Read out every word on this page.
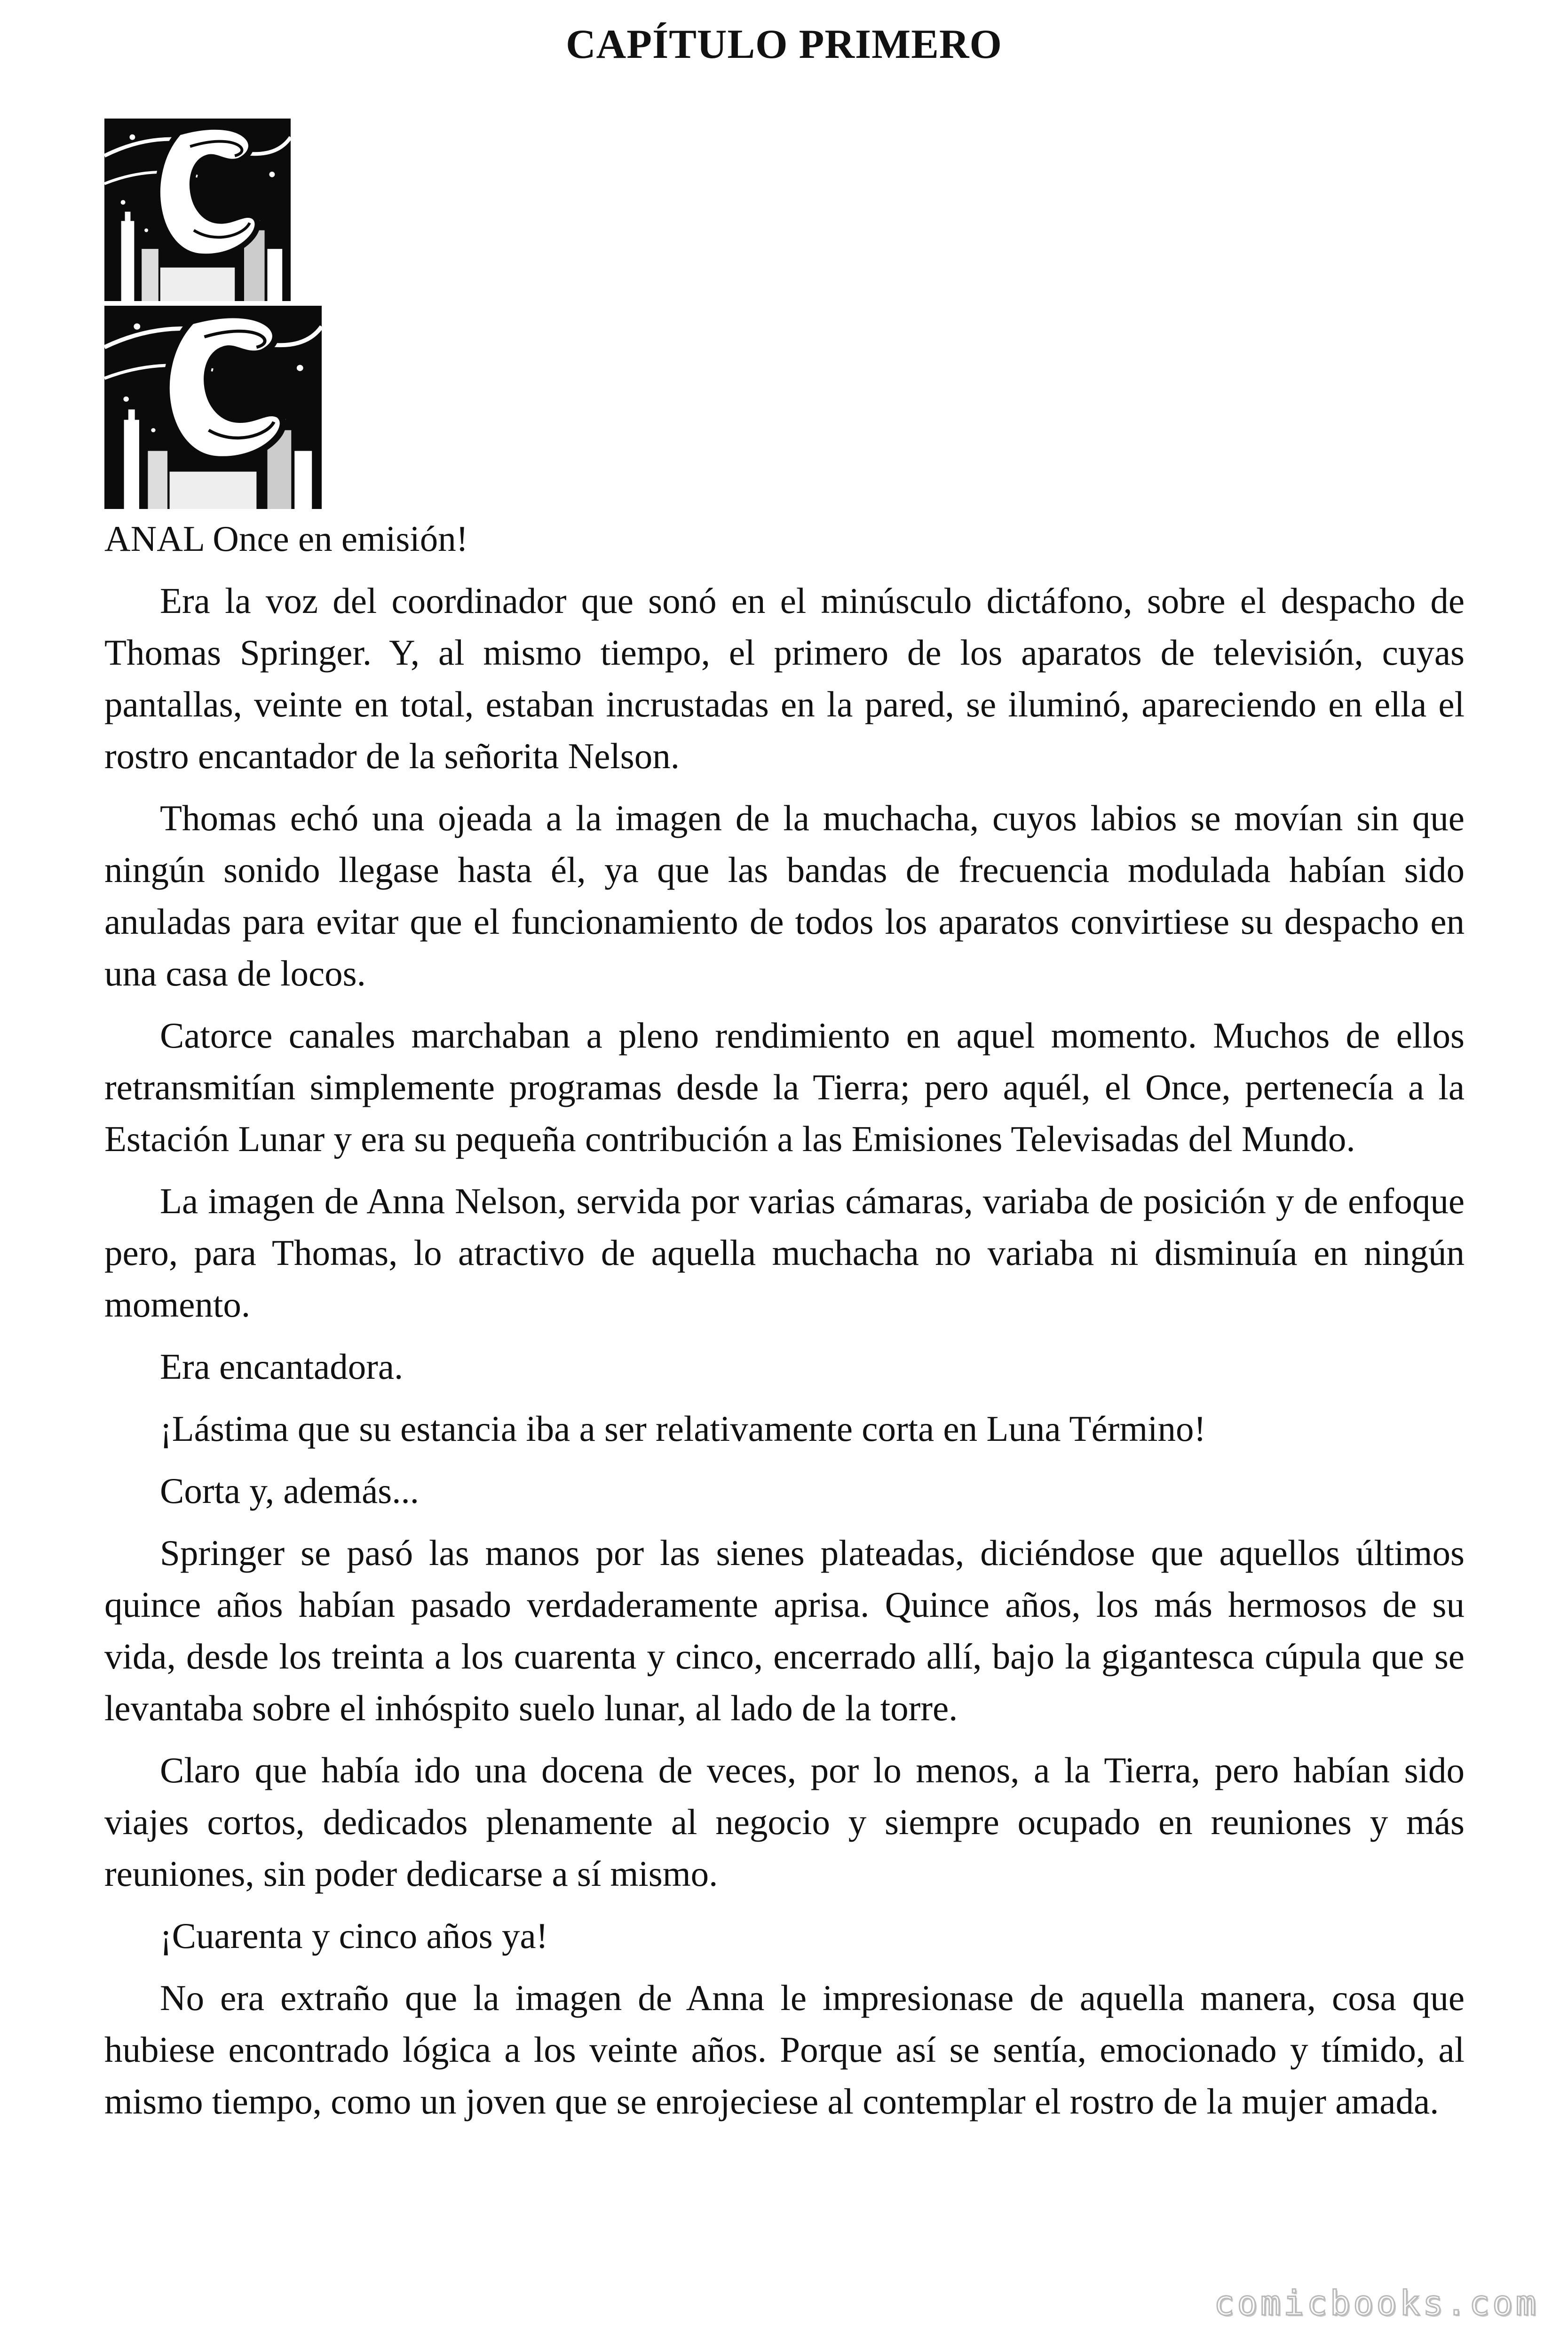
CAPÍTULO PRIMERO

ANAL Once en emisión!

Era la voz del coordinador que sonó en el minúsculo dictáfono, sobre el despacho de Thomas Springer. Y, al mismo tiempo, el primero de los aparatos de televisión, cuyas pantallas, veinte en total, estaban incrustadas en la pared, se iluminó, apareciendo en ella el rostro encantador de la señorita Nelson.

Thomas echó una ojeada a la imagen de la muchacha, cuyos labios se movían sin que ningún sonido llegase hasta él, ya que las bandas de frecuencia modulada habían sido anuladas para evitar que el funcionamiento de todos los aparatos convirtiese su despacho en una casa de locos.

Catorce canales marchaban a pleno rendimiento en aquel momento. Muchos de ellos retransmitían simplemente programas desde la Tierra; pero aquél, el Once, pertenecía a la Estación Lunar y era su pequeña contribución a las Emisiones Televisadas del Mundo.

La imagen de Anna Nelson, servida por varias cámaras, variaba de posición y de enfoque pero, para Thomas, lo atractivo de aquella muchacha no variaba ni disminuía en ningún momento.

Era encantadora.

¡Lástima que su estancia iba a ser relativamente corta en Luna Término!

Corta y, además...

Springer se pasó las manos por las sienes plateadas, diciéndose que aquellos últimos quince años habían pasado verdaderamente aprisa. Quince años, los más hermosos de su vida, desde los treinta a los cuarenta y cinco, encerrado allí, bajo la gigantesca cúpula que se levantaba sobre el inhóspito suelo lunar, al lado de la torre.

Claro que había ido una docena de veces, por lo menos, a la Tierra, pero habían sido viajes cortos, dedicados plenamente al negocio y siempre ocupado en reuniones y más reuniones, sin poder dedicarse a sí mismo.

¡Cuarenta y cinco años ya!

No era extraño que la imagen de Anna le impresionase de aquella manera, cosa que hubiese encontrado lógica a los veinte años. Porque así se sentía, emocionado y tímido, al mismo tiempo, como un joven que se enrojeciese al contemplar el rostro de la mujer amada.

comicbooks.com
